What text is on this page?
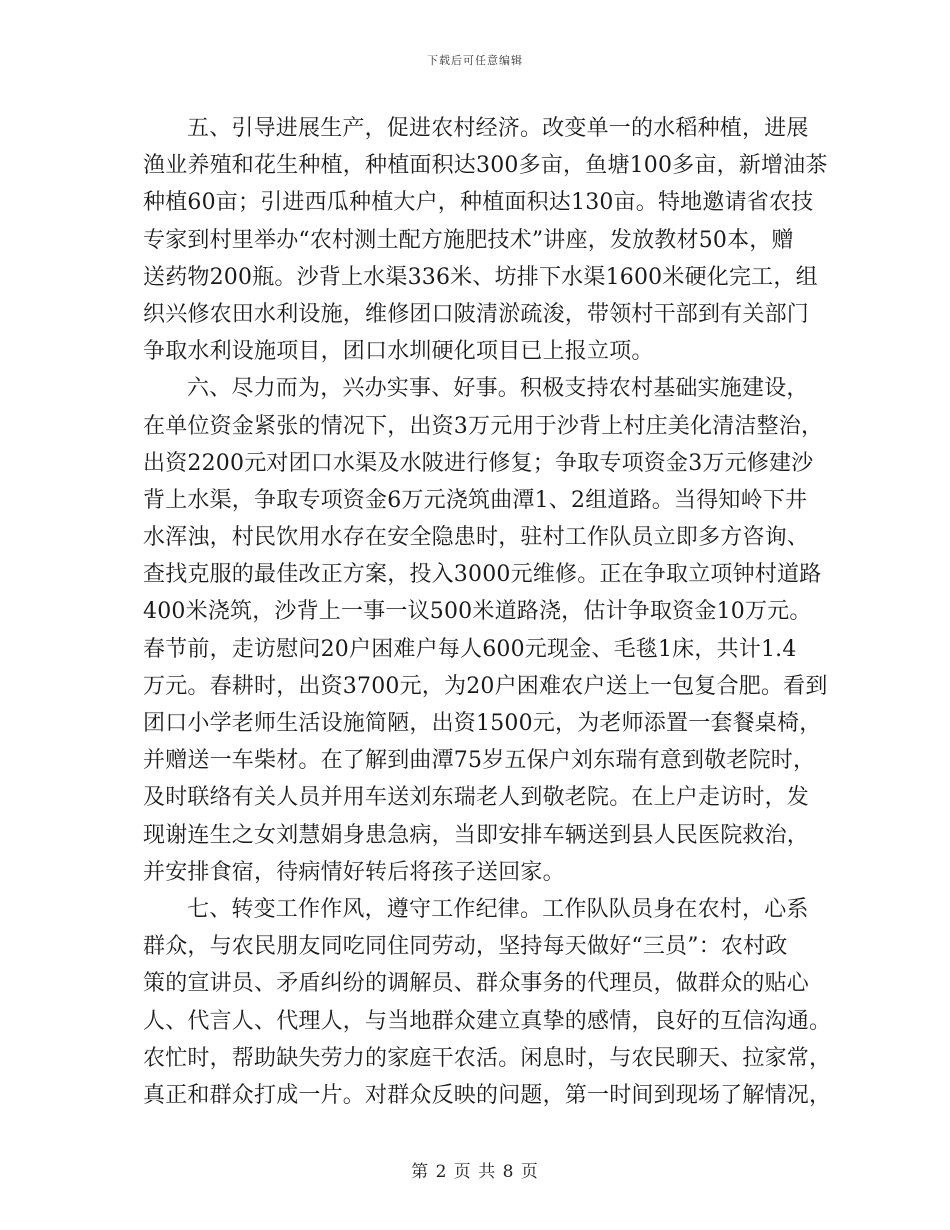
下载后可任意编辑
五、引导进展生产，促进农村经济。改变单一的水稻种植，进展
渔业养殖和花生种植，种植面积达300多亩，鱼塘100多亩，新增油茶
种植60亩；引进西瓜种植大户，种植面积达130亩。特地邀请省农技
专家到村里举办“农村测土配方施肥技术”讲座，发放教材50本，赠
送药物200瓶。沙背上水渠336米、坊排下水渠1600米硬化完工，组
织兴修农田水利设施，维修团口陂清淤疏浚，带领村干部到有关部门
争取水利设施项目，团口水圳硬化项目已上报立项。
六、尽力而为，兴办实事、好事。积极支持农村基础实施建设，
在单位资金紧张的情况下，出资3万元用于沙背上村庄美化清洁整治，
出资2200元对团口水渠及水陂进行修复；争取专项资金3万元修建沙
背上水渠，争取专项资金6万元浇筑曲潭1、2组道路。当得知岭下井
水浑浊，村民饮用水存在安全隐患时，驻村工作队员立即多方咨询、
查找克服的最佳改正方案，投入3000元维修。正在争取立项钟村道路
400米浇筑，沙背上一事一议500米道路浇，估计争取资金10万元。
春节前，走访慰问20户困难户每人600元现金、毛毯1床，共计1.4
万元。春耕时，出资3700元，为20户困难农户送上一包复合肥。看到
团口小学老师生活设施简陋，出资1500元，为老师添置一套餐桌椅，
并赠送一车柴材。在了解到曲潭75岁五保户刘东瑞有意到敬老院时，
及时联络有关人员并用车送刘东瑞老人到敬老院。在上户走访时，发
现谢连生之女刘慧娟身患急病，当即安排车辆送到县人民医院救治，
并安排食宿，待病情好转后将孩子送回家。
七、转变工作作风，遵守工作纪律。工作队队员身在农村，心系
群众，与农民朋友同吃同住同劳动，坚持每天做好“三员”：农村政
策的宣讲员、矛盾纠纷的调解员、群众事务的代理员，做群众的贴心
人、代言人、代理人，与当地群众建立真挚的感情，良好的互信沟通。
农忙时，帮助缺失劳力的家庭干农活。闲息时，与农民聊天、拉家常，
真正和群众打成一片。对群众反映的问题，第一时间到现场了解情况，
第 2 页 共 8 页
